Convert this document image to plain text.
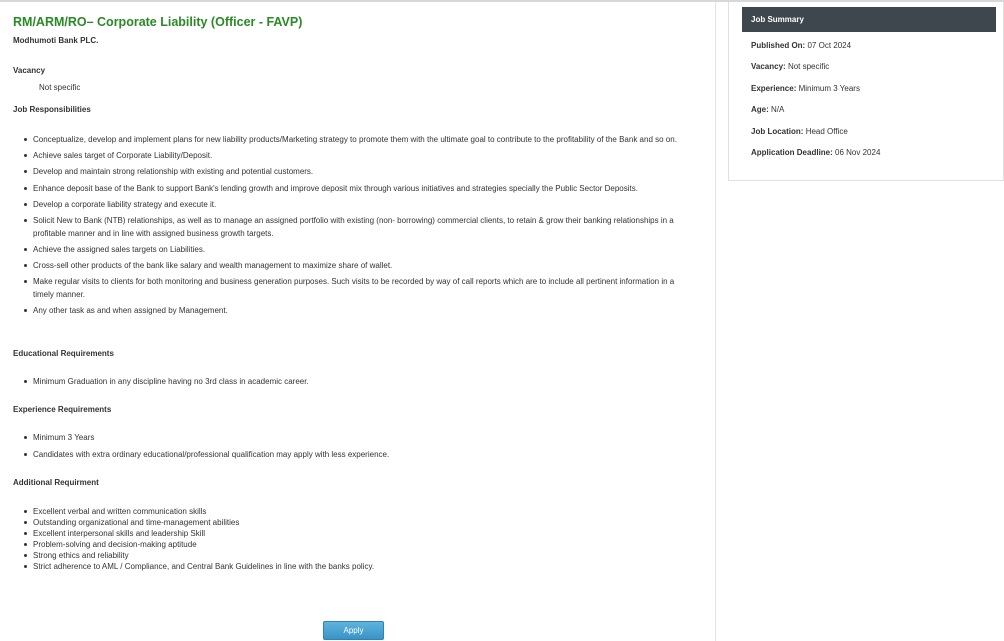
RM/ARM/RO– Corporate Liability (Officer - FAVP)
Modhumoti Bank PLC.
Vacancy
Not specific
Job Responsibilities
Conceptualize, develop and implement plans for new liability products/Marketing strategy to promote them with the ultimate goal to contribute to the profitability of the Bank and so on.
Achieve sales target of Corporate Liability/Deposit.
Develop and maintain strong relationship with existing and potential customers.
Enhance deposit base of the Bank to support Bank's lending growth and improve deposit mix through various initiatives and strategies specially the Public Sector Deposits.
Develop a corporate liability strategy and execute it.
Solicit New to Bank (NTB) relationships, as well as to manage an assigned portfolio with existing (non- borrowing) commercial clients, to retain & grow their banking relationships in a profitable manner and in line with assigned business growth targets.
Achieve the assigned sales targets on Liabilities.
Cross-sell other products of the bank like salary and wealth management to maximize share of wallet.
Make regular visits to clients for both monitoring and business generation purposes. Such visits to be recorded by way of call reports which are to include all pertinent information in a timely manner.
Any other task as and when assigned by Management.
Educational Requirements
Minimum Graduation in any discipline having no 3rd class in academic career.
Experience Requirements
Minimum 3 Years
Candidates with extra ordinary educational/professional qualification may apply with less experience.
Additional Requirment
Excellent verbal and written communication skills
Outstanding organizational and time-management abilities
Excellent interpersonal skills and leadership Skill
Problem-solving and decision-making aptitude
Strong ethics and reliability
Strict adherence to AML / Compliance, and Central Bank Guidelines in line with the banks policy.
Apply
Job Summary
Published On: 07 Oct 2024
Vacancy: Not specific
Experience: Minimum 3 Years
Age: N/A
Job Location: Head Office
Application Deadline: 06 Nov 2024
